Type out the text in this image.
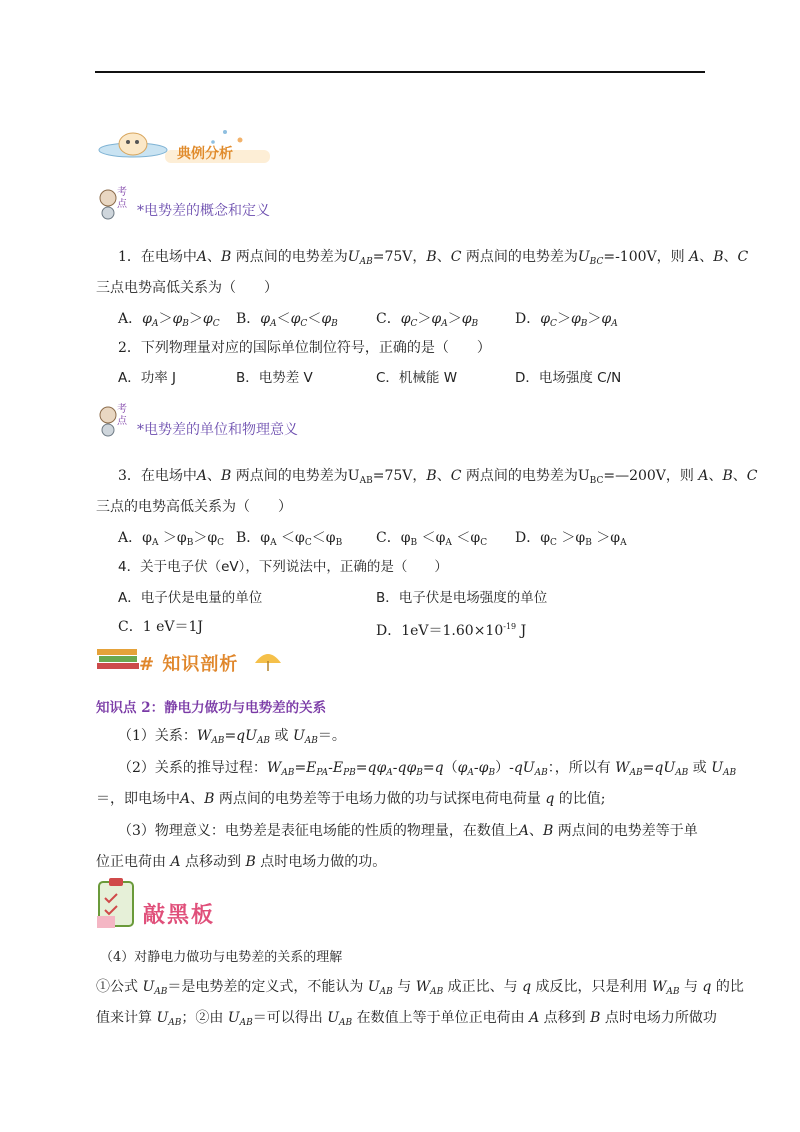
典例分析
考点 *电势差的概念和定义
1．在电场中A、B 两点间的电势差为$U_{AB}=75V$，B、C 两点间的电势差为$U_{BC}=-100V$，则 A、B、C
三点电势高低关系为（　　）
A．$\varphi_A>\varphi_B>\varphi_C$ B．$\varphi_A<\varphi_C<\varphi_B$	C．$\varphi_C>\varphi_A>\varphi_B$	D．$\varphi_C>\varphi_B>\varphi_A$
2．下列物理量对应的国际单位制位符号，正确的是（　　）
A．功率 J	B．电势差 V	C．机械能 W	D．电场强度 C/N
考点
*电势差的单位和物理意义
3．在电场中A、B 两点间的电势差为$U_{AB}=75V$，B、C 两点间的电势差为$U_{BC}=—200V$，则 A、B、C
三点的电势高低关系为（　　）
A．$\varphi_A >\varphi_B>\varphi_C$ B．$\varphi_A <\varphi_C<\varphi_B$ C．$\varphi_B <\varphi_A <\varphi_C$ D．$\varphi_C >\varphi_B >\varphi_A$
4．关于电子伏（eV），下列说法中，正确的是（　　）
A．电子伏是电量的单位	B．电子伏是电场强度的单位
C．1 eV＝1J	D．$1eV=1.60\times 10^{-19}$ J
# 知识剖析
知识点 2：静电力做功与电势差的关系
（1）关系：$W_{AB}=qU_{AB}$ 或 $U_{AB}=$。
（2）关系的推导过程：$W_{AB}=E_{PA}-E_{PB}=q\varphi_A-q\varphi_B=q(\varphi_A-\varphi_B)-qU_{AB}$：，所以有 $W_{AB}=qU_{AB}$ 或 $U_{AB}$
＝，即电场中A、B 两点间的电势差等于电场力做的功与试探电荷电荷量 q 的比值;
（3）物理意义：电势差是表征电场能的性质的物理量，在数值上A、B 两点间的电势差等于单
位正电荷由 A 点移动到 B 点时电场力做的功。
敲黑板
（4）对静电力做功与电势差的关系的理解
①公式 $U_{AB}=$是电势差的定义式，不能认为 $U_{AB}$ 与 $W_{AB}$ 成正比、与 q 成反比，只是利用 $W_{AB}$ 与 q 的比
值来计算 $U_{AB}$；②由 $U_{AB}=$可以得出 $U_{AB}$ 在数值上等于单位正电荷由 A 点移到 B 点时电场力所做功
